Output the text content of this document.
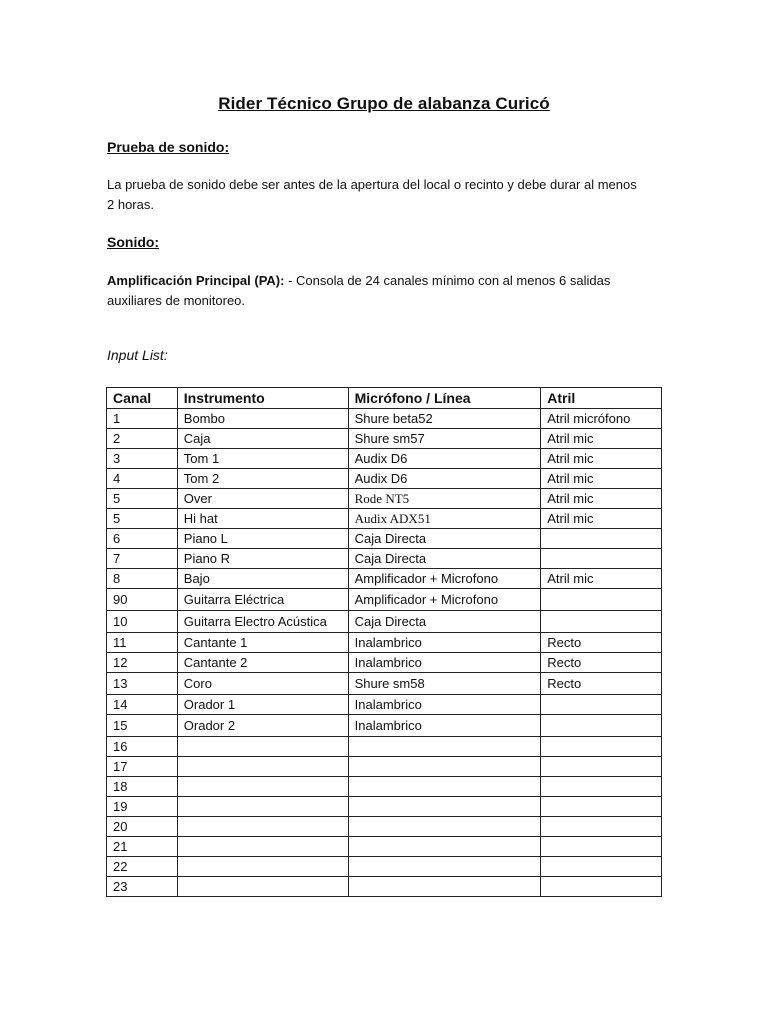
Rider Técnico Grupo de alabanza Curicó
Prueba de sonido:
La prueba de sonido debe ser antes de la apertura del local o recinto y debe durar al menos 2 horas.
Sonido:
Amplificación Principal (PA): - Consola de 24 canales mínimo con al menos 6 salidas auxiliares de monitoreo.
Input List:
Canal	Instrumento	Micrófono / Línea	Atril
1	Bombo	Shure beta52	Atril micrófono
2	Caja	Shure sm57	Atril mic
3	Tom 1	Audix D6	Atril mic
4	Tom 2	Audix D6	Atril mic
5	Over	Rode NT5	Atril mic
5	Hi hat	Audix ADX51	Atril mic
6	Piano L	Caja Directa	
7	Piano R	Caja Directa	
8	Bajo	Amplificador + Microfono	Atril mic
90	Guitarra Eléctrica	Amplificador + Microfono	
10	Guitarra Electro Acústica	Caja Directa	
11	Cantante 1	Inalambrico	Recto
12	Cantante 2	Inalambrico	Recto
13	Coro	Shure sm58	Recto
14	Orador 1	Inalambrico	
15	Orador 2	Inalambrico	
16			
17			
18			
19			
20			
21			
22			
23			
